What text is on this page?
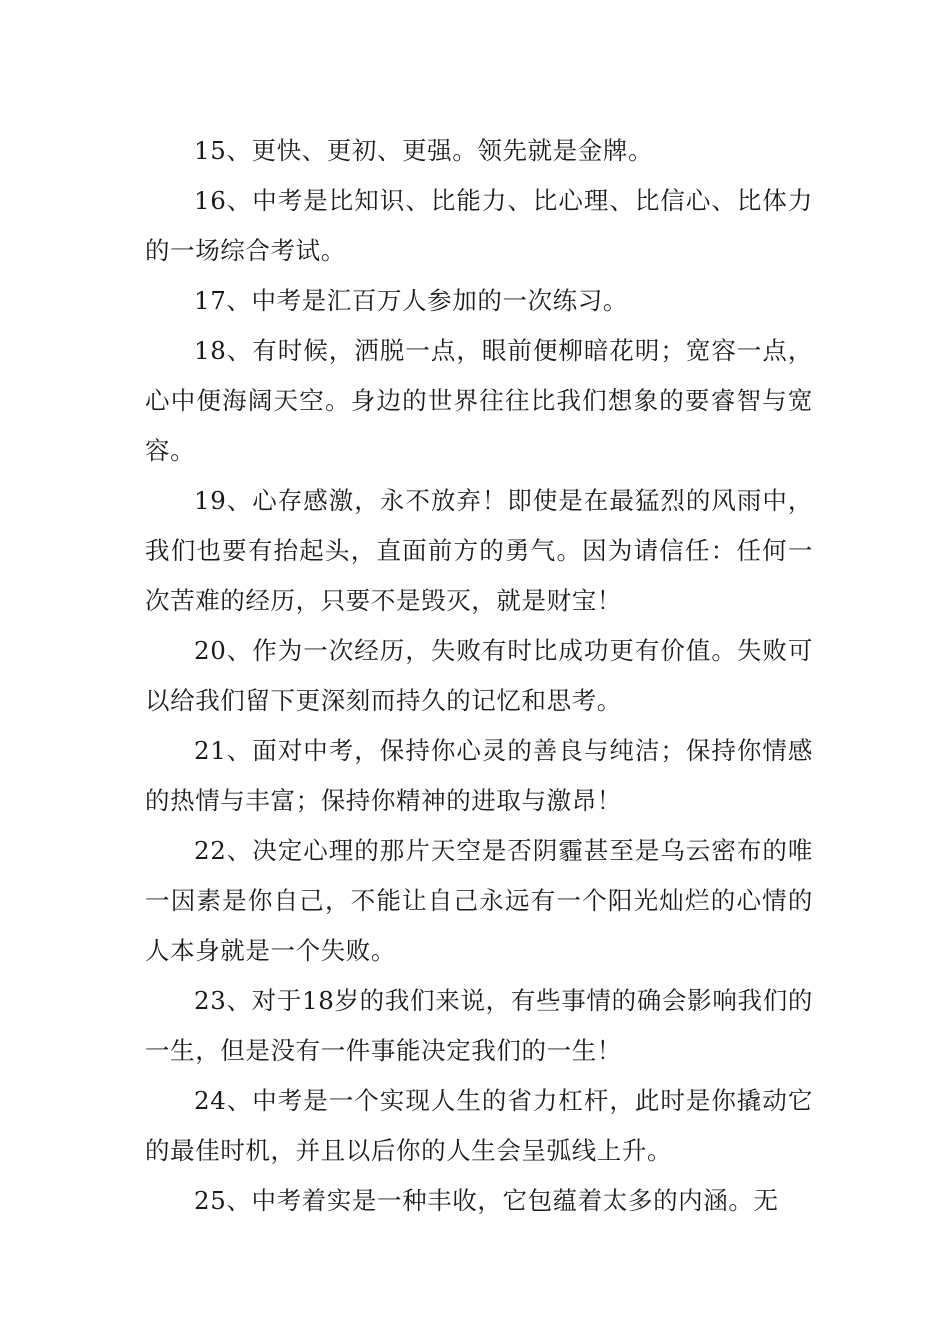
15、更快、更初、更强。领先就是金牌。

16、中考是比知识、比能力、比心理、比信心、比体力的一场综合考试。

17、中考是汇百万人参加的一次练习。

18、有时候，洒脱一点，眼前便柳暗花明；宽容一点，心中便海阔天空。身边的世界往往比我们想象的要睿智与宽容。

19、心存感激，永不放弃！即使是在最猛烈的风雨中，我们也要有抬起头，直面前方的勇气。因为请信任：任何一次苦难的经历，只要不是毁灭，就是财宝！

20、作为一次经历，失败有时比成功更有价值。失败可以给我们留下更深刻而持久的记忆和思考。

21、面对中考，保持你心灵的善良与纯洁；保持你情感的热情与丰富；保持你精神的进取与激昂！

22、决定心理的那片天空是否阴霾甚至是乌云密布的唯一因素是你自己，不能让自己永远有一个阳光灿烂的心情的人本身就是一个失败。

23、对于18岁的我们来说，有些事情的确会影响我们的一生，但是没有一件事能决定我们的一生！

24、中考是一个实现人生的省力杠杆，此时是你撬动它的最佳时机，并且以后你的人生会呈弧线上升。

25、中考着实是一种丰收，它包蕴着太多的内涵。无
